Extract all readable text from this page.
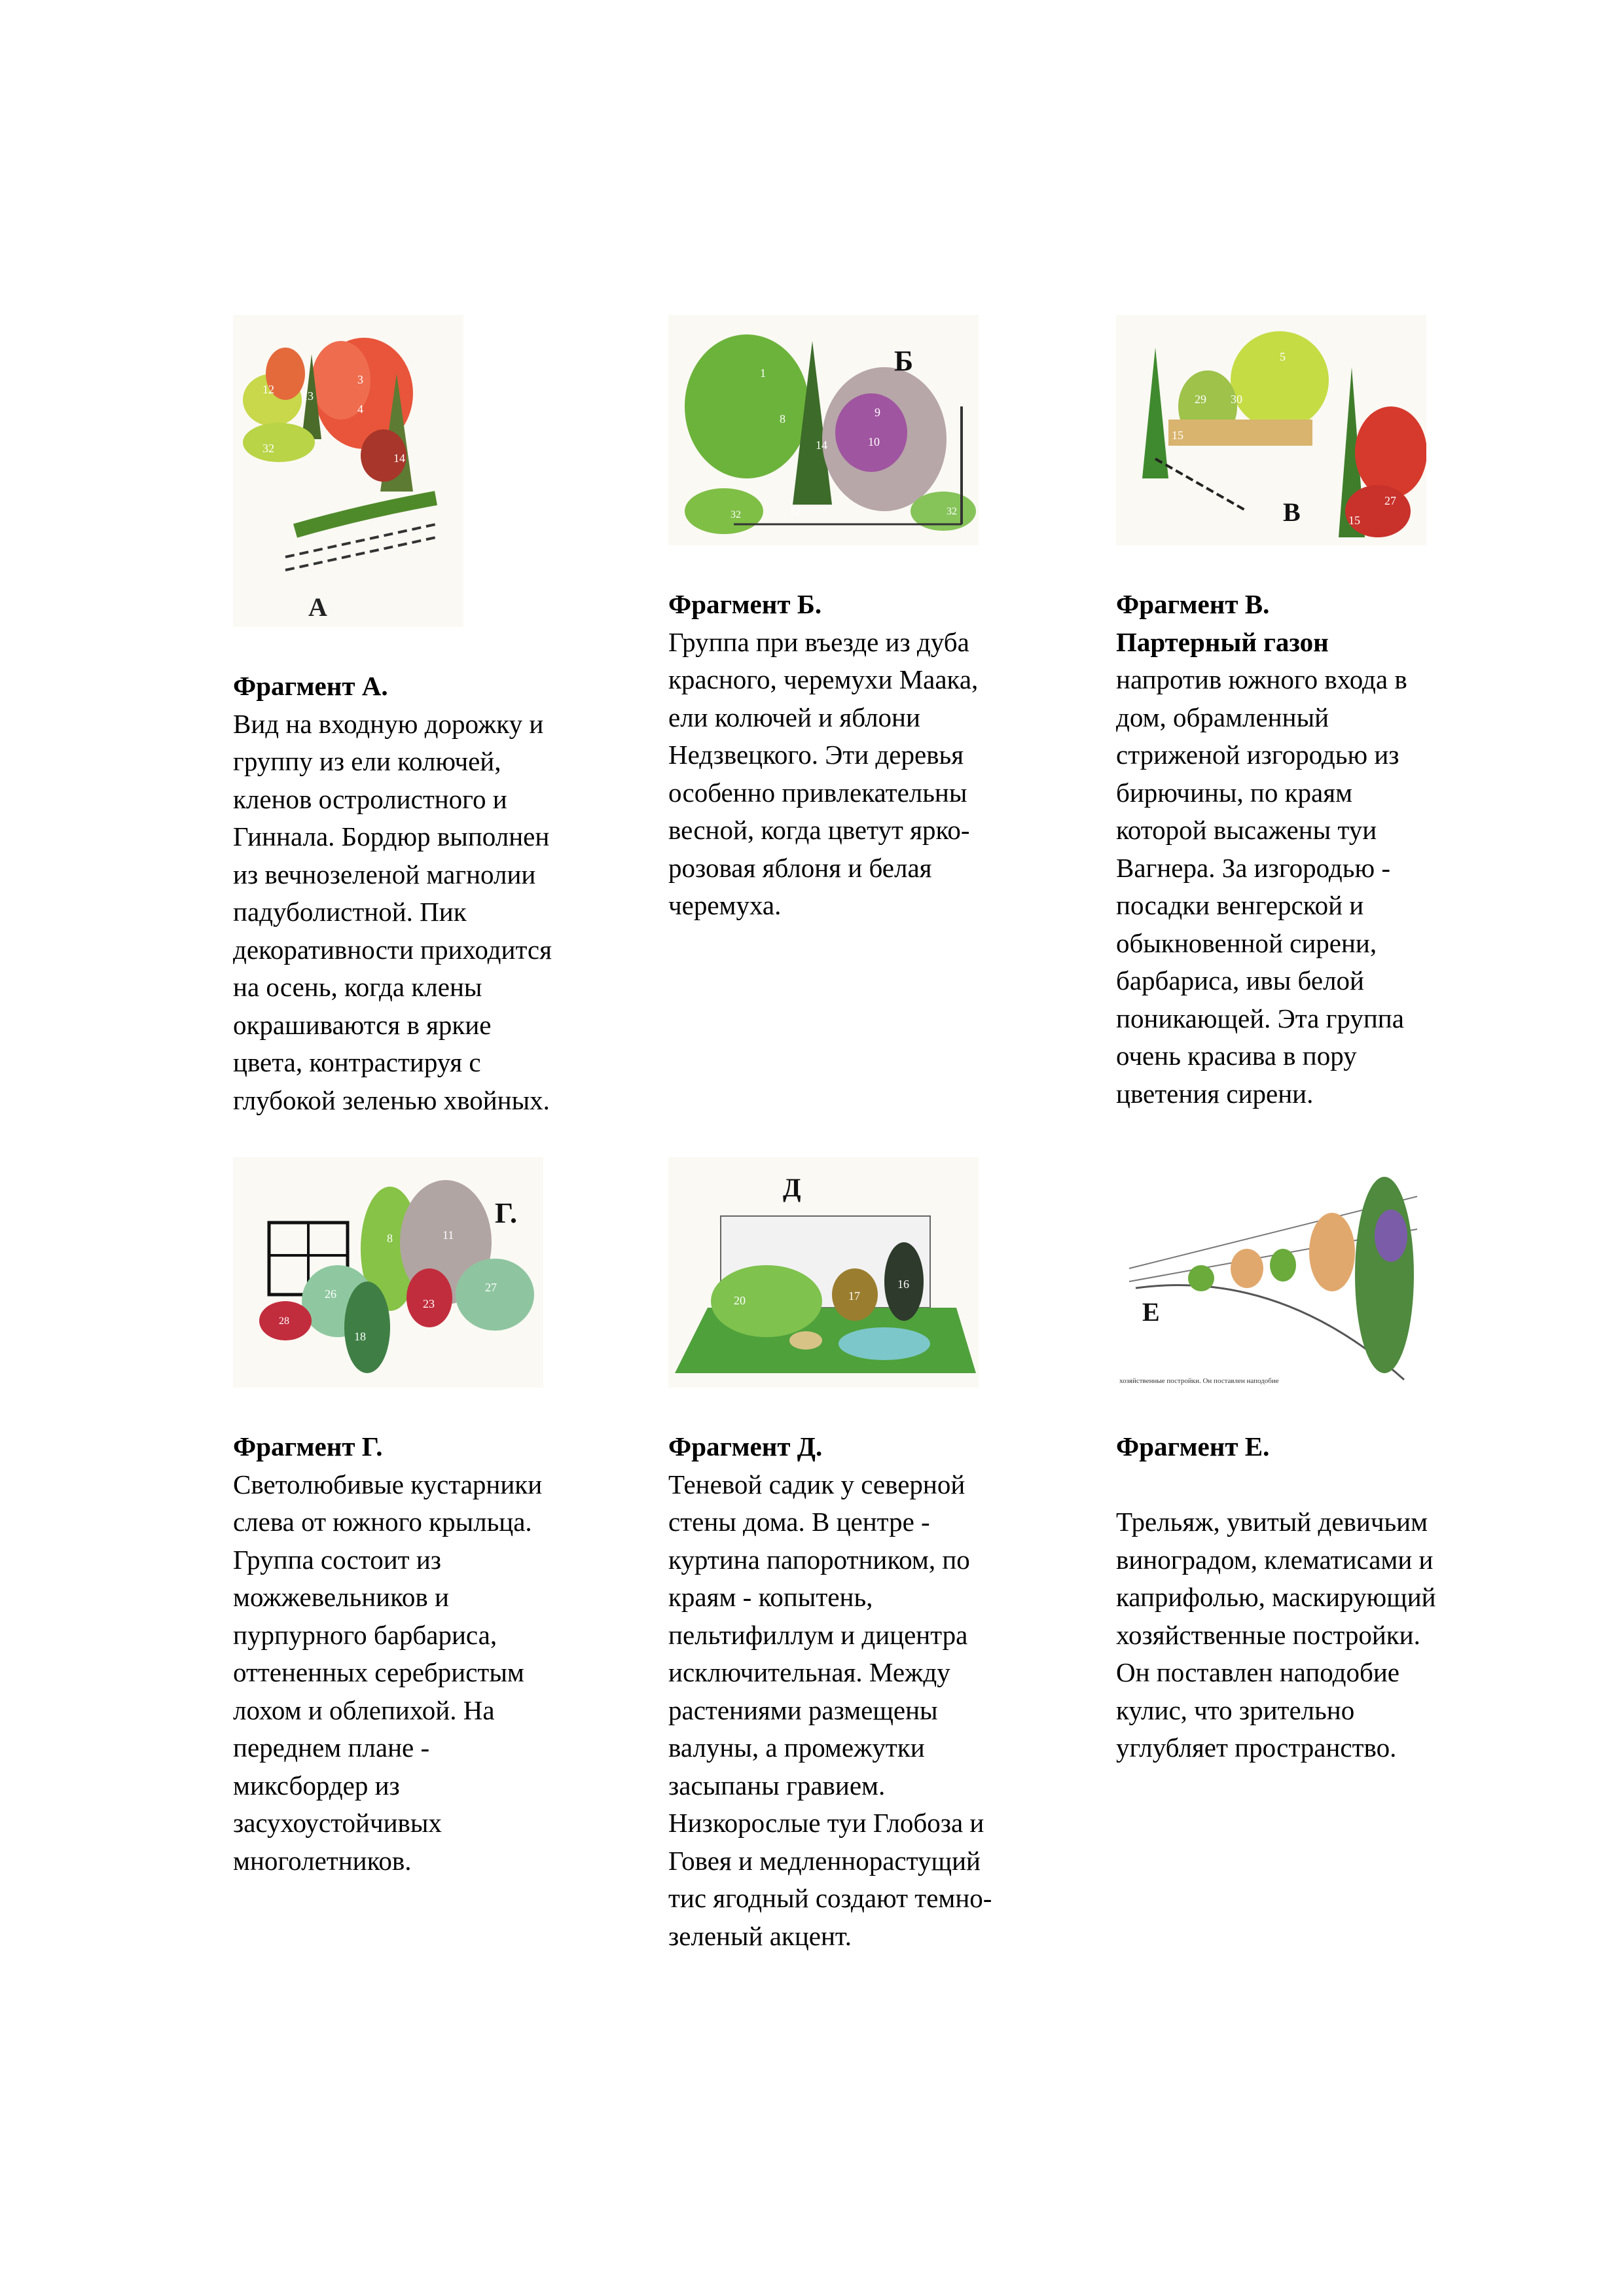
3
4
12 13
14
32
A
1
8	9
10
14
32	32	32
Б	5
29 30
15
15
27
В
8	11
26	27
28
18
23
Г.
20	17
16
Д
Е
хозяйственные постройки. Он поставлен наподобие
Фрагмент А.
Вид на входную дорожку и
группу из ели колючей,
кленов остролистного и
Гиннала. Бордюр выполнен
из вечнозеленой магнолии
падуболистной. Пик
декоративности приходится
на осень, когда клены
окрашиваются в яркие
цвета, контрастируя с
глубокой зеленью хвойных.
Фрагмент Б.
Группа при въезде из дуба
красного, черемухи Маака,
ели колючей и яблони
Недзвецкого. Эти деревья
особенно привлекательны
весной, когда цветут ярко-
розовая яблоня и белая
черемуха.
Фрагмент В.
Партерный газон
напротив южного входа в
дом, обрамленный
стриженой изгородью из
бирючины, по краям
которой высажены туи
Вагнера. За изгородью -
посадки венгерской и
обыкновенной сирени,
барбариса, ивы белой
поникающей. Эта группа
очень красива в пору
цветения сирени.
Фрагмент Г.
Светолюбивые кустарники
слева от южного крыльца.
Группа состоит из
можжевельников и
пурпурного барбариса,
оттененных серебристым
лохом и облепихой. На
переднем плане -
миксбордер из
засухоустойчивых
многолетников.
Фрагмент Д.
Теневой садик у северной
стены дома. В центре -
куртина папоротником, по
краям - копытень,
пельтифиллум и дицентра
исключительная. Между
растениями размещены
валуны, а промежутки
засыпаны гравием.
Низкорослые туи Глобоза и
Говея и медленнорастущий
тис ягодный создают темно-
зеленый акцент.
Фрагмент Е.
Трельяж, увитый девичьим
виноградом, клематисами и
каприфолью, маскирующий
хозяйственные постройки.
Он поставлен наподобие
кулис, что зрительно
углубляет пространство.
